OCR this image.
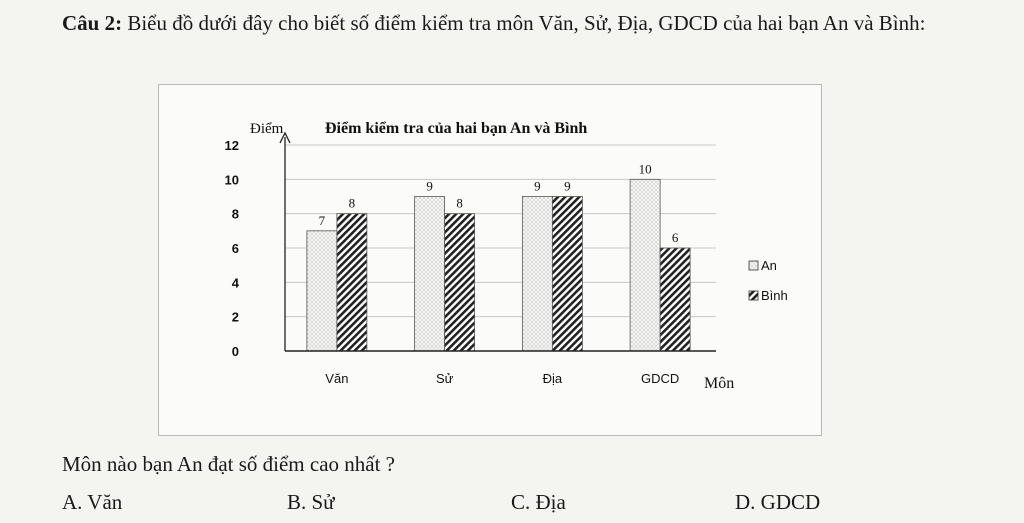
Câu 2: Biểu đồ dưới đây cho biết số điểm kiểm tra môn Văn, Sử, Địa, GDCD của hai bạn An và Bình:
Điểm kiểm tra của hai bạn An và Bình
Điểm
Môn
0
2
4
6
8
10
12
7
8
Văn
9
8
Sử
9 9
Địa
10
6
GDCD
An
Bình
Môn nào bạn An đạt số điểm cao nhất ?
A. Văn	B. Sử	C. Địa	D. GDCD
